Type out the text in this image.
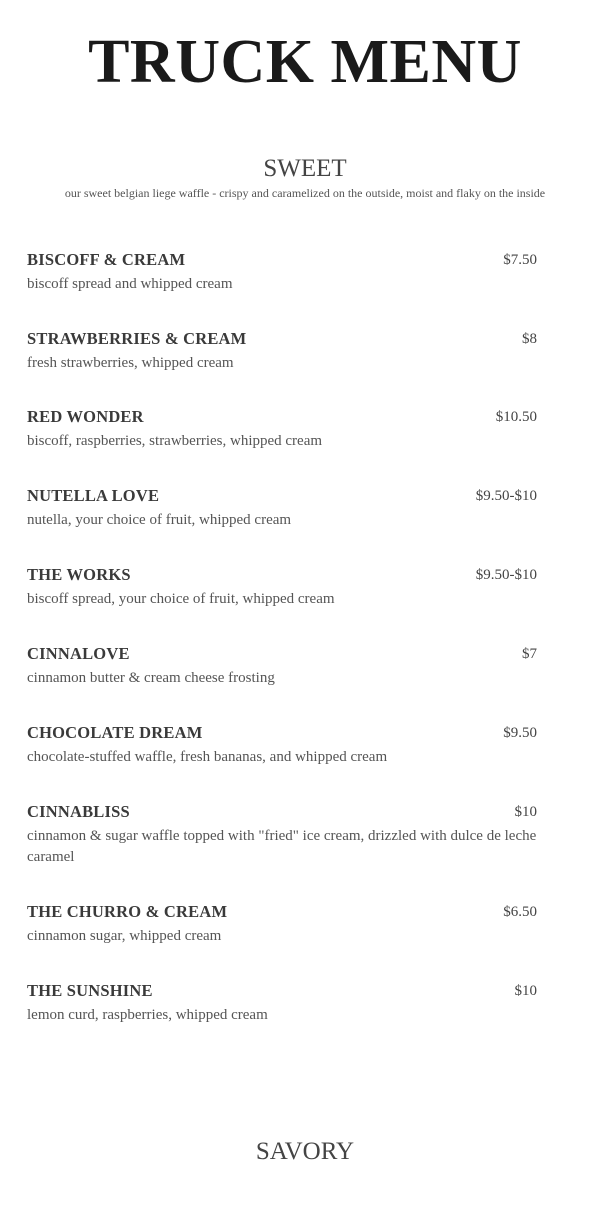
TRUCK MENU
SWEET
our sweet belgian liege waffle - crispy and caramelized on the outside, moist and flaky on the inside
BISCOFF & CREAM	$7.50
biscoff spread and whipped cream
STRAWBERRIES & CREAM	$8
fresh strawberries, whipped cream
RED WONDER	$10.50
biscoff, raspberries, strawberries, whipped cream
NUTELLA LOVE	$9.50-$10
nutella, your choice of fruit, whipped cream
THE WORKS	$9.50-$10
biscoff spread, your choice of fruit, whipped cream
CINNALOVE	$7
cinnamon butter & cream cheese frosting
CHOCOLATE DREAM	$9.50
chocolate-stuffed waffle, fresh bananas, and whipped cream
CINNABLISS	$10
cinnamon & sugar waffle topped with "fried" ice cream, drizzled with dulce de leche caramel
THE CHURRO & CREAM	$6.50
cinnamon sugar, whipped cream
THE SUNSHINE	$10
lemon curd, raspberries, whipped cream
SAVORY
